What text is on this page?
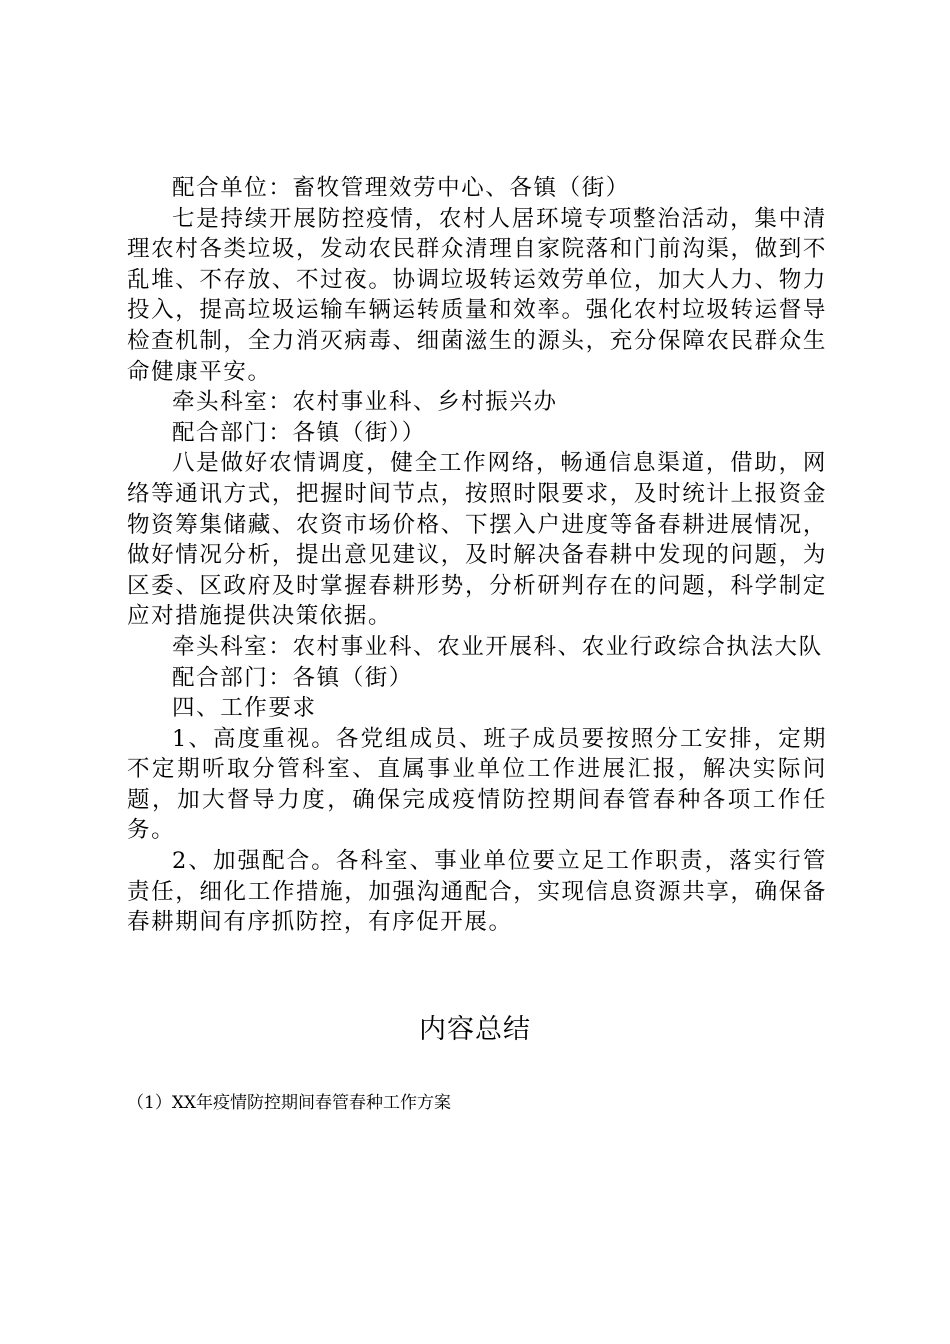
配合单位：畜牧管理效劳中心、各镇（街）

七是持续开展防控疫情，农村人居环境专项整治活动，集中清理农村各类垃圾，发动农民群众清理自家院落和门前沟渠，做到不乱堆、不存放、不过夜。协调垃圾转运效劳单位，加大人力、物力投入，提高垃圾运输车辆运转质量和效率。强化农村垃圾转运督导检查机制，全力消灭病毒、细菌滋生的源头，充分保障农民群众生命健康平安。

牵头科室：农村事业科、乡村振兴办

配合部门：各镇（街））

八是做好农情调度，健全工作网络，畅通信息渠道，借助，网络等通讯方式，把握时间节点，按照时限要求，及时统计上报资金物资筹集储藏、农资市场价格、下摆入户进度等备春耕进展情况，做好情况分析，提出意见建议，及时解决备春耕中发现的问题，为区委、区政府及时掌握春耕形势，分析研判存在的问题，科学制定应对措施提供决策依据。

牵头科室：农村事业科、农业开展科、农业行政综合执法大队

配合部门：各镇（街）

四、工作要求

1、高度重视。各党组成员、班子成员要按照分工安排，定期不定期听取分管科室、直属事业单位工作进展汇报，解决实际问题，加大督导力度，确保完成疫情防控期间春管春种各项工作任务。

2、加强配合。各科室、事业单位要立足工作职责，落实行管责任，细化工作措施，加强沟通配合，实现信息资源共享，确保备春耕期间有序抓防控，有序促开展。

内容总结

（1）XX年疫情防控期间春管春种工作方案
